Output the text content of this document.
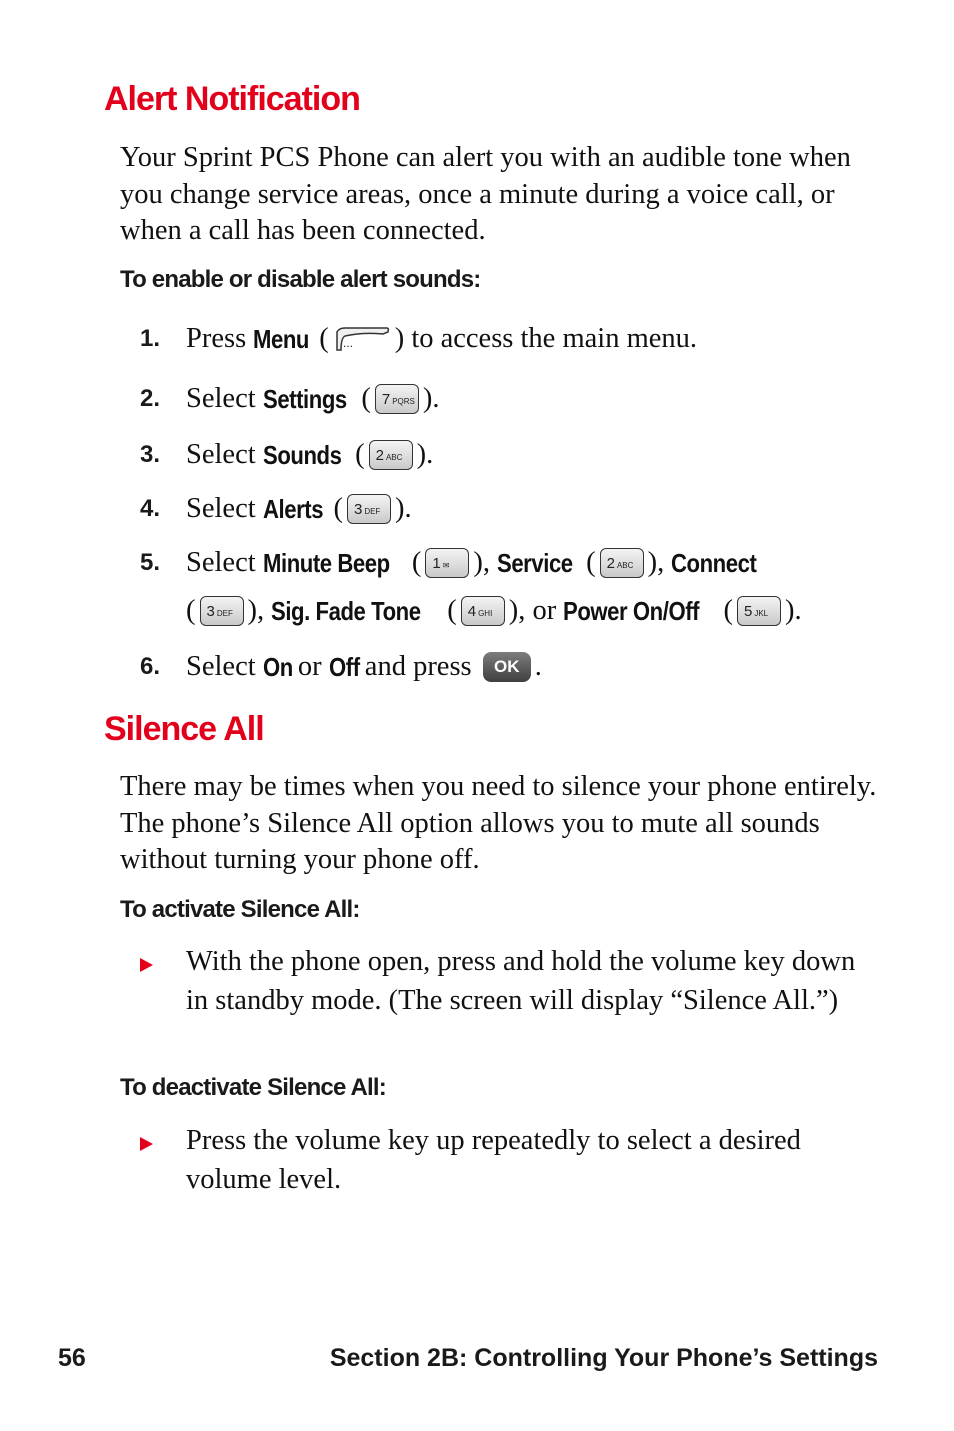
Alert Notification

Your Sprint PCS Phone can alert you with an audible tone when you change service areas, once a minute during a voice call, or when a call has been connected.

To enable or disable alert sounds:

1. Press
Menu ( ... ) to access the main menu.
2. Select
Settings ( 7 PQRS ).
3. Select
Sounds ( 2 ABC ).
4. Select
Alerts ( 3 DEF ).
5. Select
Minute Beep ( 1 ✉ ), Service ( 2 ABC ), Connect
( 3 DEF ), Sig. Fade Tone ( 4 GHI ), or
Power On/Off ( 5 JKL ).
6. Select
On or
Off and press
	OK .
Silence All

There may be times when you need to silence your phone entirely. The phone’s Silence All option allows you to mute all sounds without turning your phone off.

To activate Silence All:

With the phone open, press and hold the volume key down in standby mode. (The screen will display “Silence All.”)

To deactivate Silence All:

Press the volume key up repeatedly to select a desired volume level.

56	Section 2B: Controlling Your Phone’s Settings
